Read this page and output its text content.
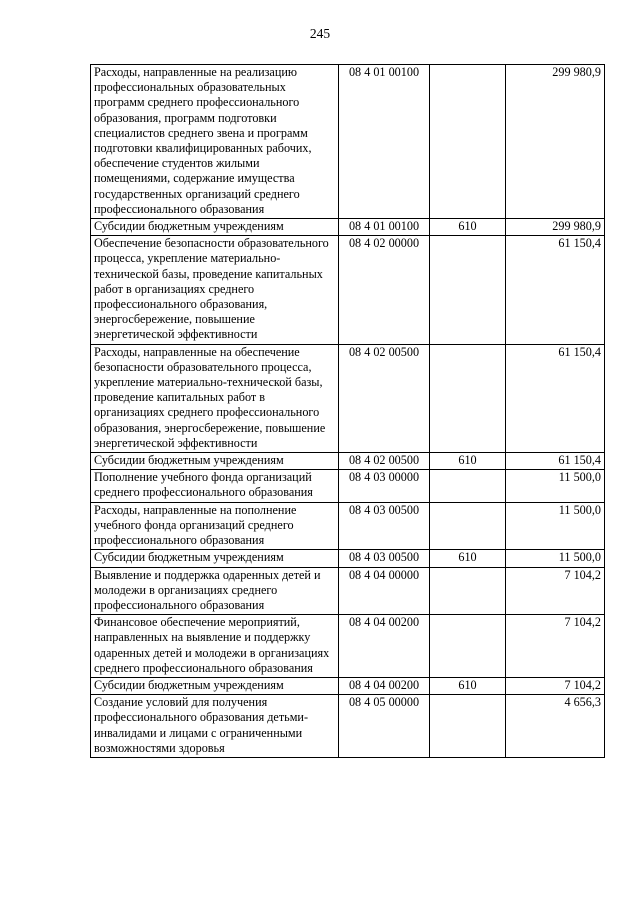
245
Расходы, направленные на реализацию профессиональных образовательных программ среднего профессионального образования, программ подготовки специалистов среднего звена и программ подготовки квалифицированных рабочих, обеспечение студентов жилыми помещениями, содержание имущества государственных организаций среднего профессионального образования	08 4 01 00100		299 980,9
Субсидии бюджетным учреждениям	08 4 01 00100	610	299 980,9
Обеспечение безопасности образовательного процесса, укрепление материально-технической базы, проведение капитальных работ в организациях среднего профессионального образования, энергосбережение, повышение энергетической эффективности	08 4 02 00000		61 150,4
Расходы, направленные на обеспечение безопасности образовательного процесса, укрепление материально-технической базы, проведение капитальных работ в организациях среднего профессионального образования, энергосбережение, повышение энергетической эффективности	08 4 02 00500		61 150,4
Субсидии бюджетным учреждениям	08 4 02 00500	610	61 150,4
Пополнение учебного фонда организаций среднего профессионального образования	08 4 03 00000		11 500,0
Расходы, направленные на пополнение учебного фонда организаций среднего профессионального образования	08 4 03 00500		11 500,0
Субсидии бюджетным учреждениям	08 4 03 00500	610	11 500,0
Выявление и поддержка одаренных детей и молодежи в организациях среднего профессионального образования	08 4 04 00000		7 104,2
Финансовое обеспечение мероприятий, направленных на выявление и поддержку одаренных детей и молодежи в организациях среднего профессионального образования	08 4 04 00200		7 104,2
Субсидии бюджетным учреждениям	08 4 04 00200	610	7 104,2
Создание условий для получения профессионального образования детьми-инвалидами и лицами с ограниченными возможностями здоровья	08 4 05 00000		4 656,3
